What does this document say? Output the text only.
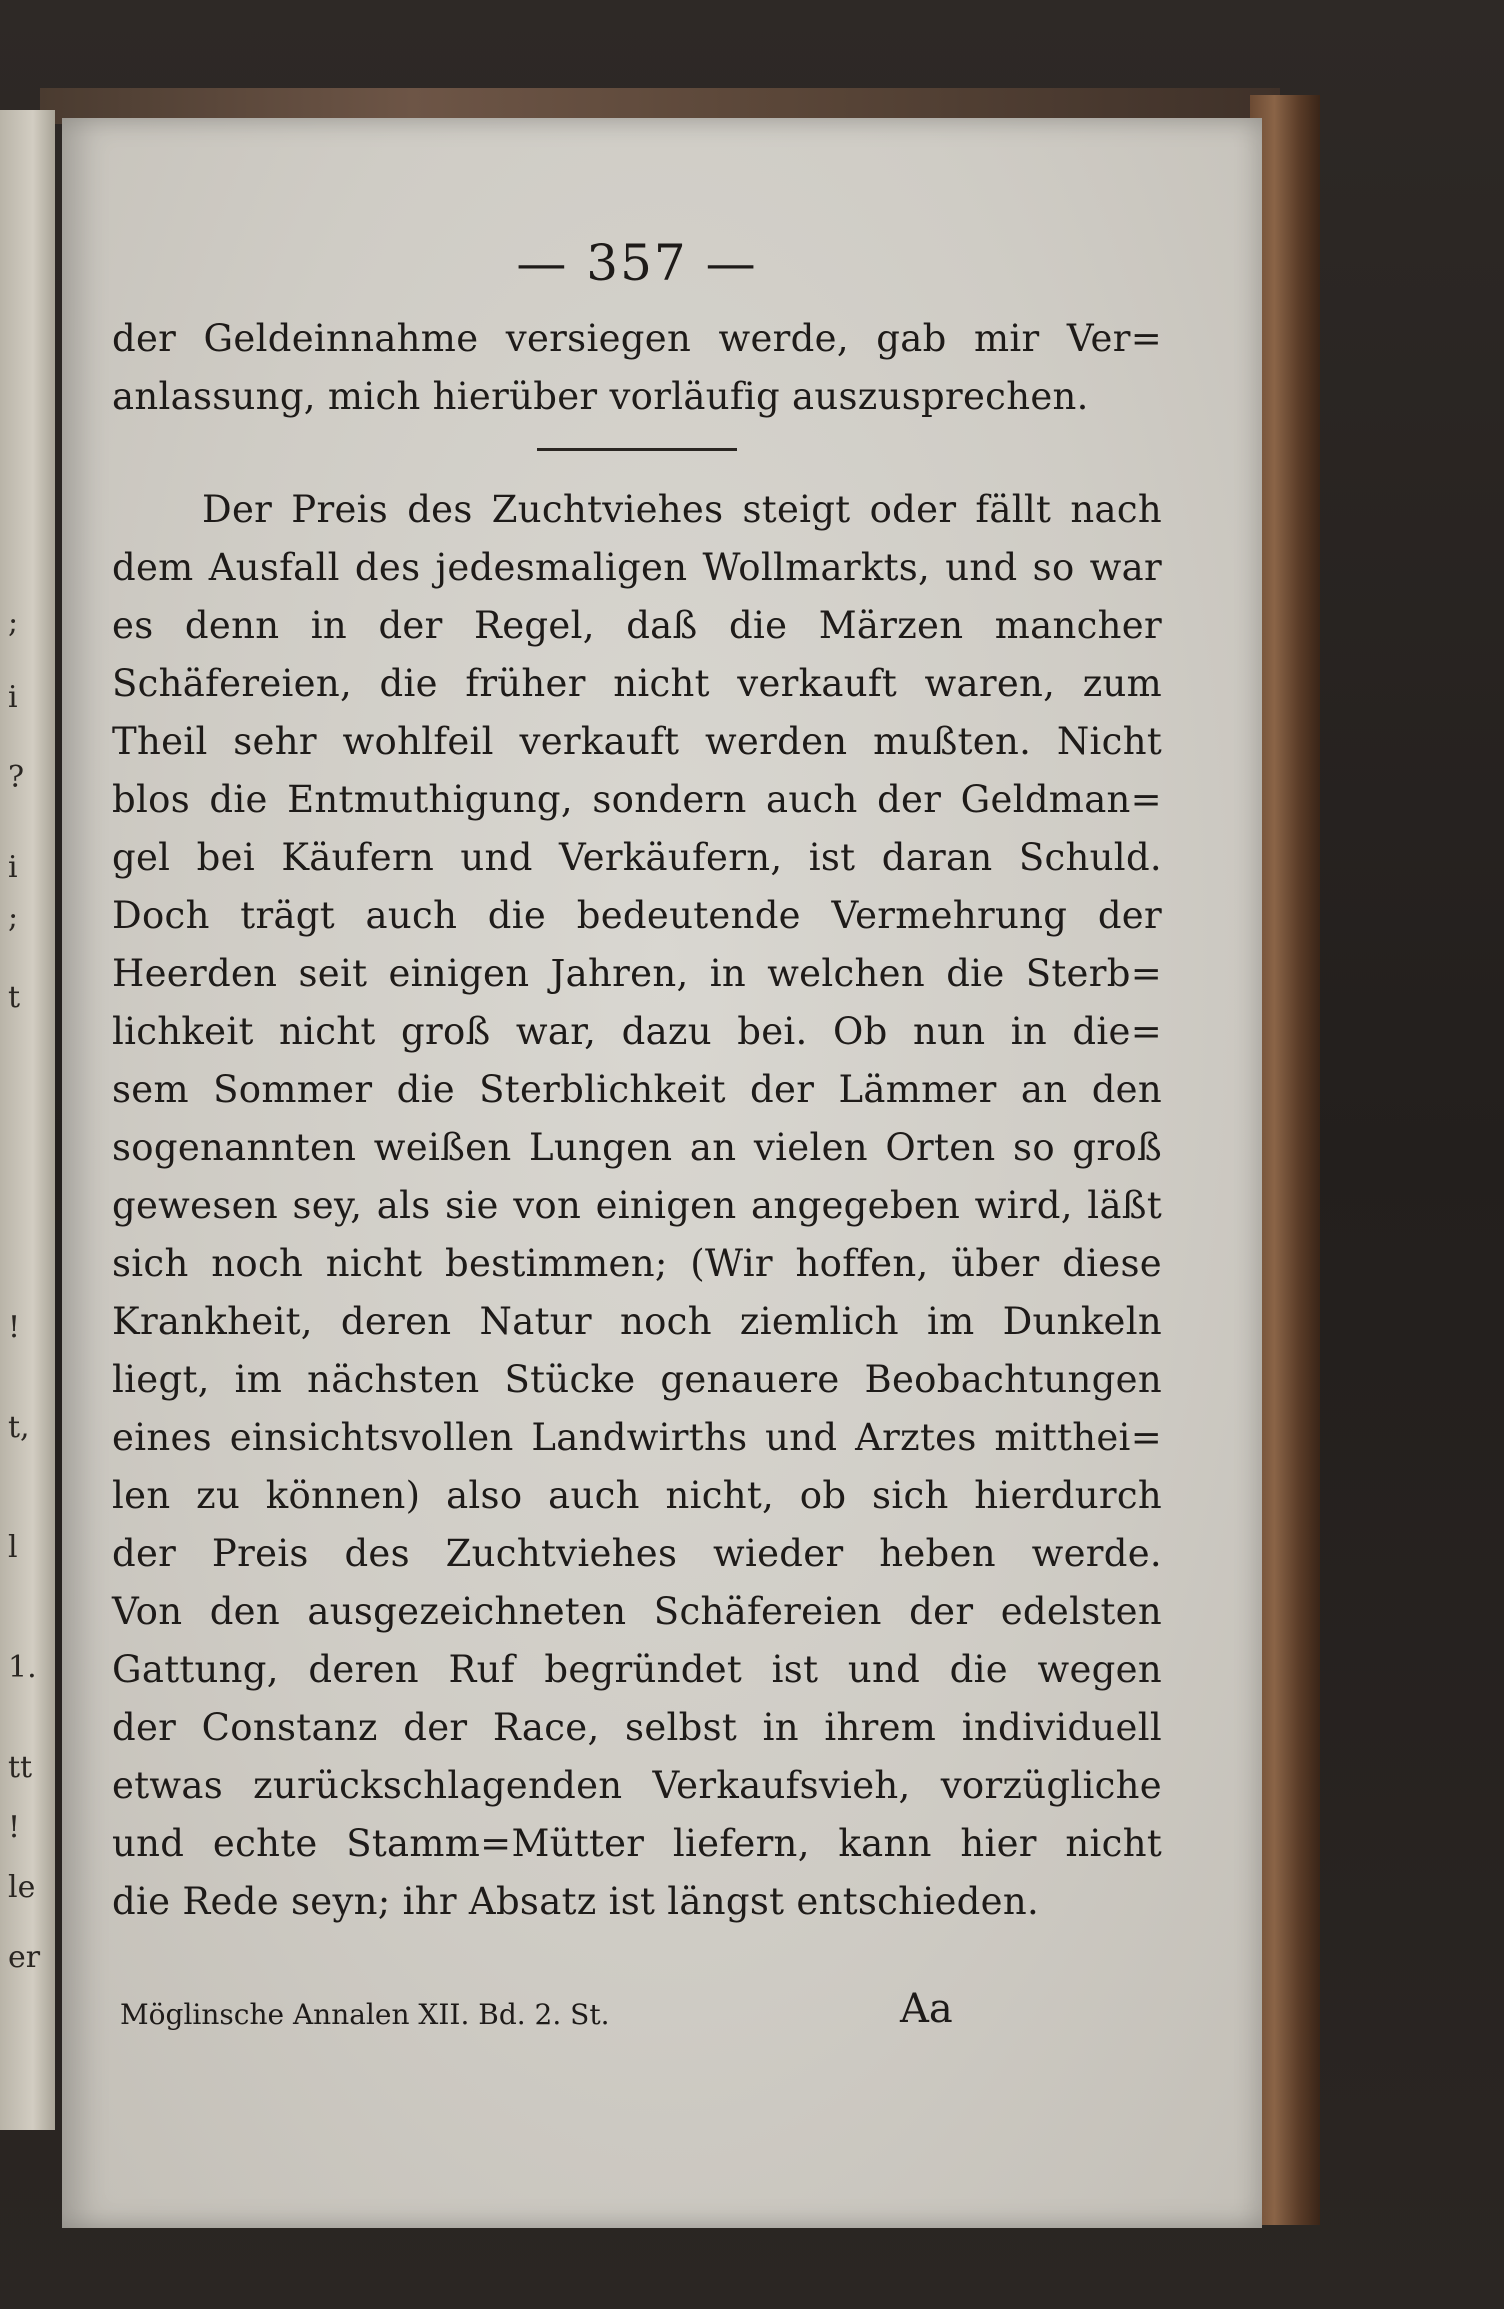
;
i
?
i
;
t
!
t,
l
1.
tt
!
le
er
— 357 —
der Geldeinnahme versiegen werde, gab mir Ver=
anlassung, mich hierüber vorläufig auszusprechen.
Der Preis des Zuchtviehes steigt oder fällt nach
dem Ausfall des jedesmaligen Wollmarkts, und so war
es denn in der Regel, daß die Märzen mancher
Schäfereien, die früher nicht verkauft waren, zum
Theil sehr wohlfeil verkauft werden mußten. Nicht
blos die Entmuthigung, sondern auch der Geldman=
gel bei Käufern und Verkäufern, ist daran Schuld.
Doch trägt auch die bedeutende Vermehrung der
Heerden seit einigen Jahren, in welchen die Sterb=
lichkeit nicht groß war, dazu bei. Ob nun in die=
sem Sommer die Sterblichkeit der Lämmer an den
sogenannten weißen Lungen an vielen Orten so groß
gewesen sey, als sie von einigen angegeben wird, läßt
sich noch nicht bestimmen; (Wir hoffen, über diese
Krankheit, deren Natur noch ziemlich im Dunkeln
liegt, im nächsten Stücke genauere Beobachtungen
eines einsichtsvollen Landwirths und Arztes mitthei=
len zu können) also auch nicht, ob sich hierdurch
der Preis des Zuchtviehes wieder heben werde.
Von den ausgezeichneten Schäfereien der edelsten
Gattung, deren Ruf begründet ist und die wegen
der Constanz der Race, selbst in ihrem individuell
etwas zurückschlagenden Verkaufsvieh, vorzügliche
und echte Stamm=Mütter liefern, kann hier nicht
die Rede seyn; ihr Absatz ist längst entschieden.
Möglinsche Annalen XII. Bd. 2. St.	Aa
